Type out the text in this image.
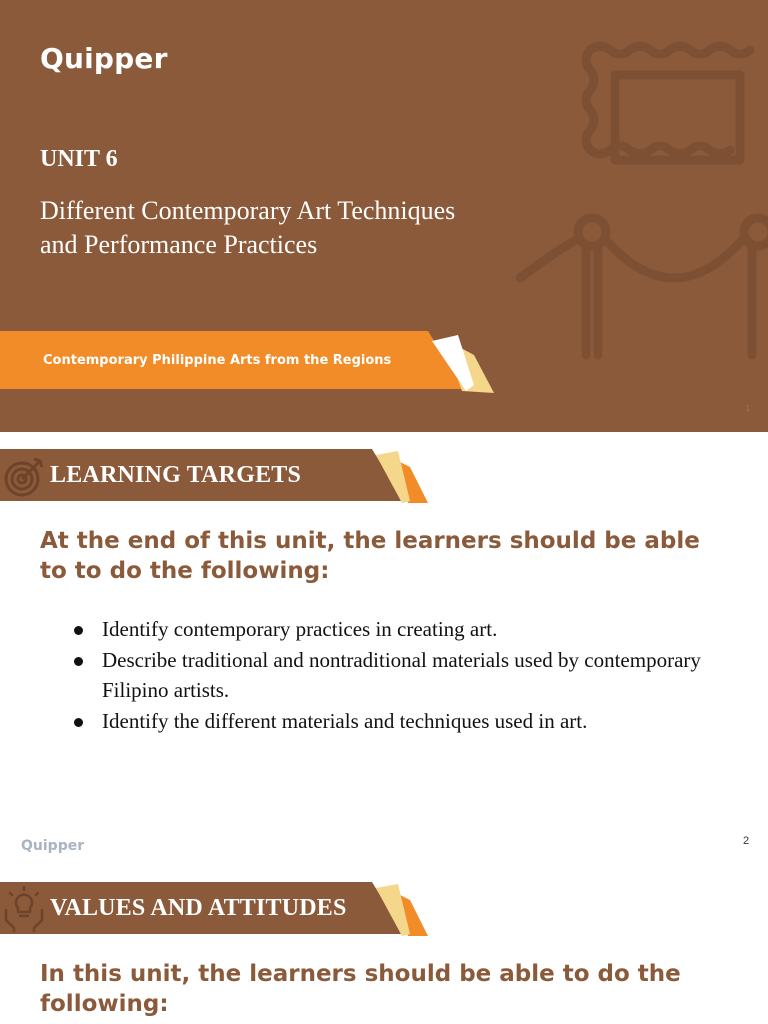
Quipper
UNIT 6
Different Contemporary Art Techniques and Performance Practices
Contemporary Philippine Arts from the Regions
1
LEARNING TARGETS
At the end of this unit, the learners should be able to to do the following:
Identify contemporary practices in creating art.
Describe traditional and nontraditional materials used by contemporary Filipino artists.
Identify the different materials and techniques used in art.
Quipper	2
VALUES AND ATTITUDES
In this unit, the learners should be able to do the following:
